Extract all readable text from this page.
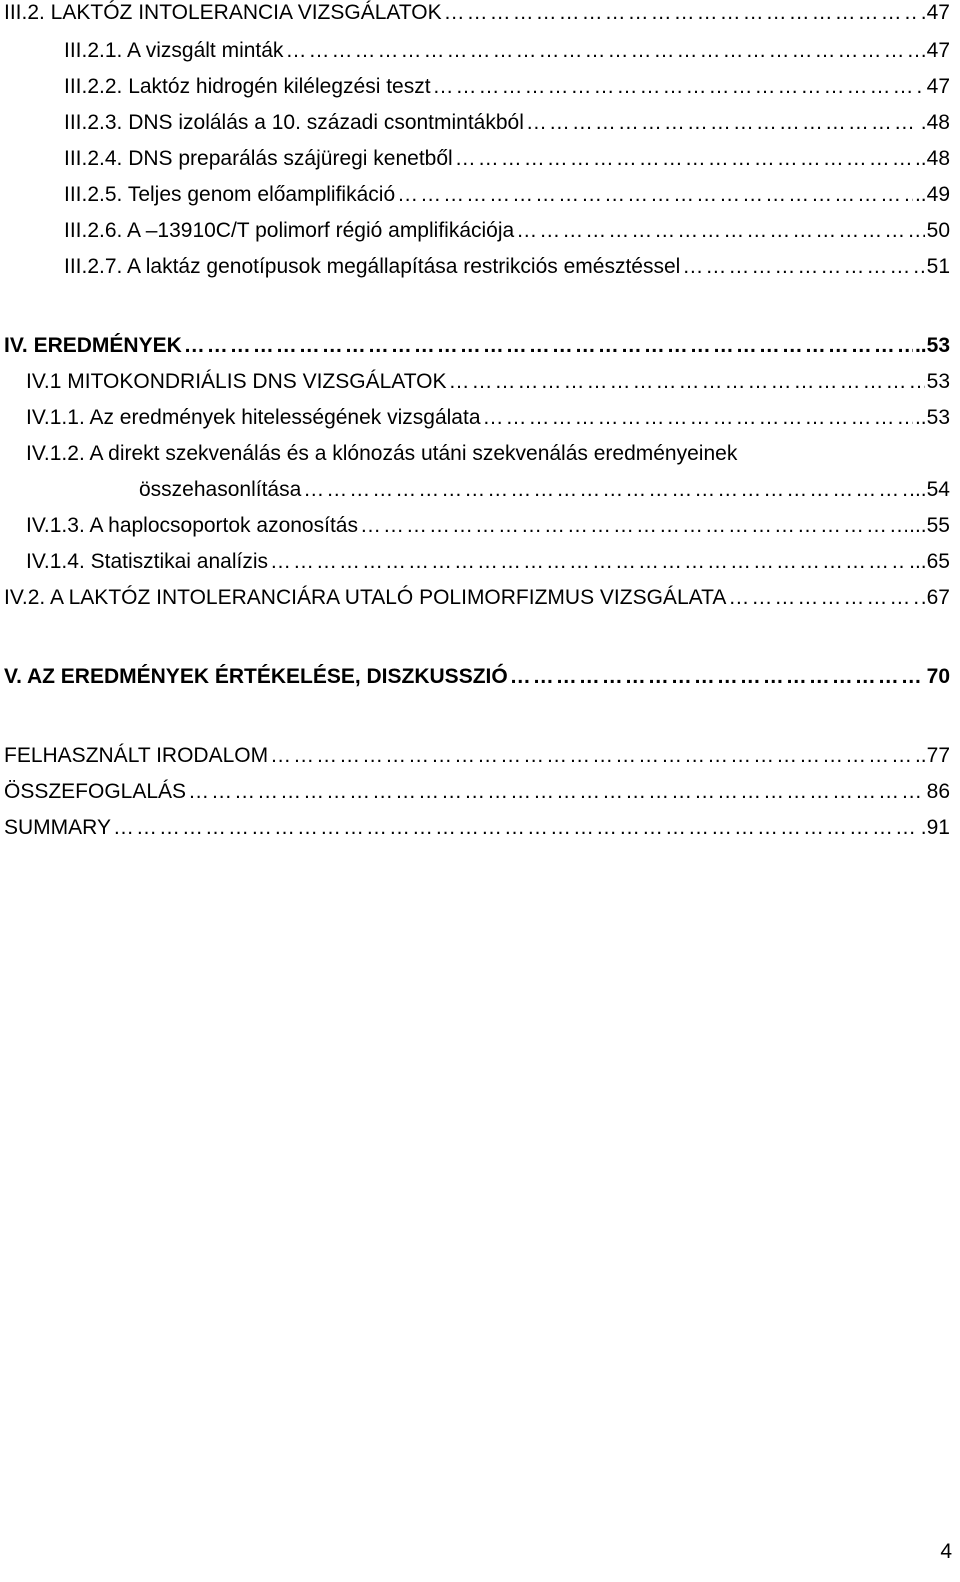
III.2. LAKTÓZ INTOLERANCIA VIZSGÁLATOK …………………………………………………………………………………………………………………………………………	.47
III.2.1. A vizsgált minták …………………………………………………………………………………………………………………………………………	47
III.2.2. Laktóz hidrogén kilélegzési teszt …………………………………………………………………………………………………………………………………………	47
III.2.3. DNS izolálás a 10. századi csontmintákból …………………………………………………………………………………………………………………………………………	.48
III.2.4. DNS preparálás szájüregi kenetből …………………………………………………………………………………………………………………………………………	..48
III.2.5. Teljes genom előamplifikáció …………………………………………………………………………………………………………………………………………	..49
III.2.6. A –13910C/T polimorf régió amplifikációja …………………………………………………………………………………………………………………………………………	50
III.2.7. A laktáz genotípusok megállapítása restrikciós emésztéssel …………………………………………………………………………………………………………………………………………	51
IV. EREDMÉNYEK …………………………………………………………………………………………………………………………………………	..53
IV.1 MITOKONDRIÁLIS DNS VIZSGÁLATOK …………………………………………………………………………………………………………………………………………	53
IV.1.1. Az eredmények hitelességének vizsgálata …………………………………………………………………………………………………………………………………………	..53
IV.1.2. A direkt szekvenálás és a klónozás utáni szekvenálás eredményeinek
összehasonlítása …………………………………………………………………………………………………………………………………………	...54
IV.1.3. A haplocsoportok azonosítás …………………………………………………………………………………………………………………………………………	...55
IV.1.4. Statisztikai analízis …………………………………………………………………………………………………………………………………………	...65
IV.2. A LAKTÓZ INTOLERANCIÁRA UTALÓ POLIMORFIZMUS VIZSGÁLATA …………………………………………………………………………………………………………………………………………	.67
V. AZ EREDMÉNYEK ÉRTÉKELÉSE, DISZKUSSZIÓ …………………………………………………………………………………………………………………………………………	70
FELHASZNÁLT IRODALOM …………………………………………………………………………………………………………………………………………	..77
ÖSSZEFOGLALÁS …………………………………………………………………………………………………………………………………………	86
SUMMARY …………………………………………………………………………………………………………………………………………	.91
4
